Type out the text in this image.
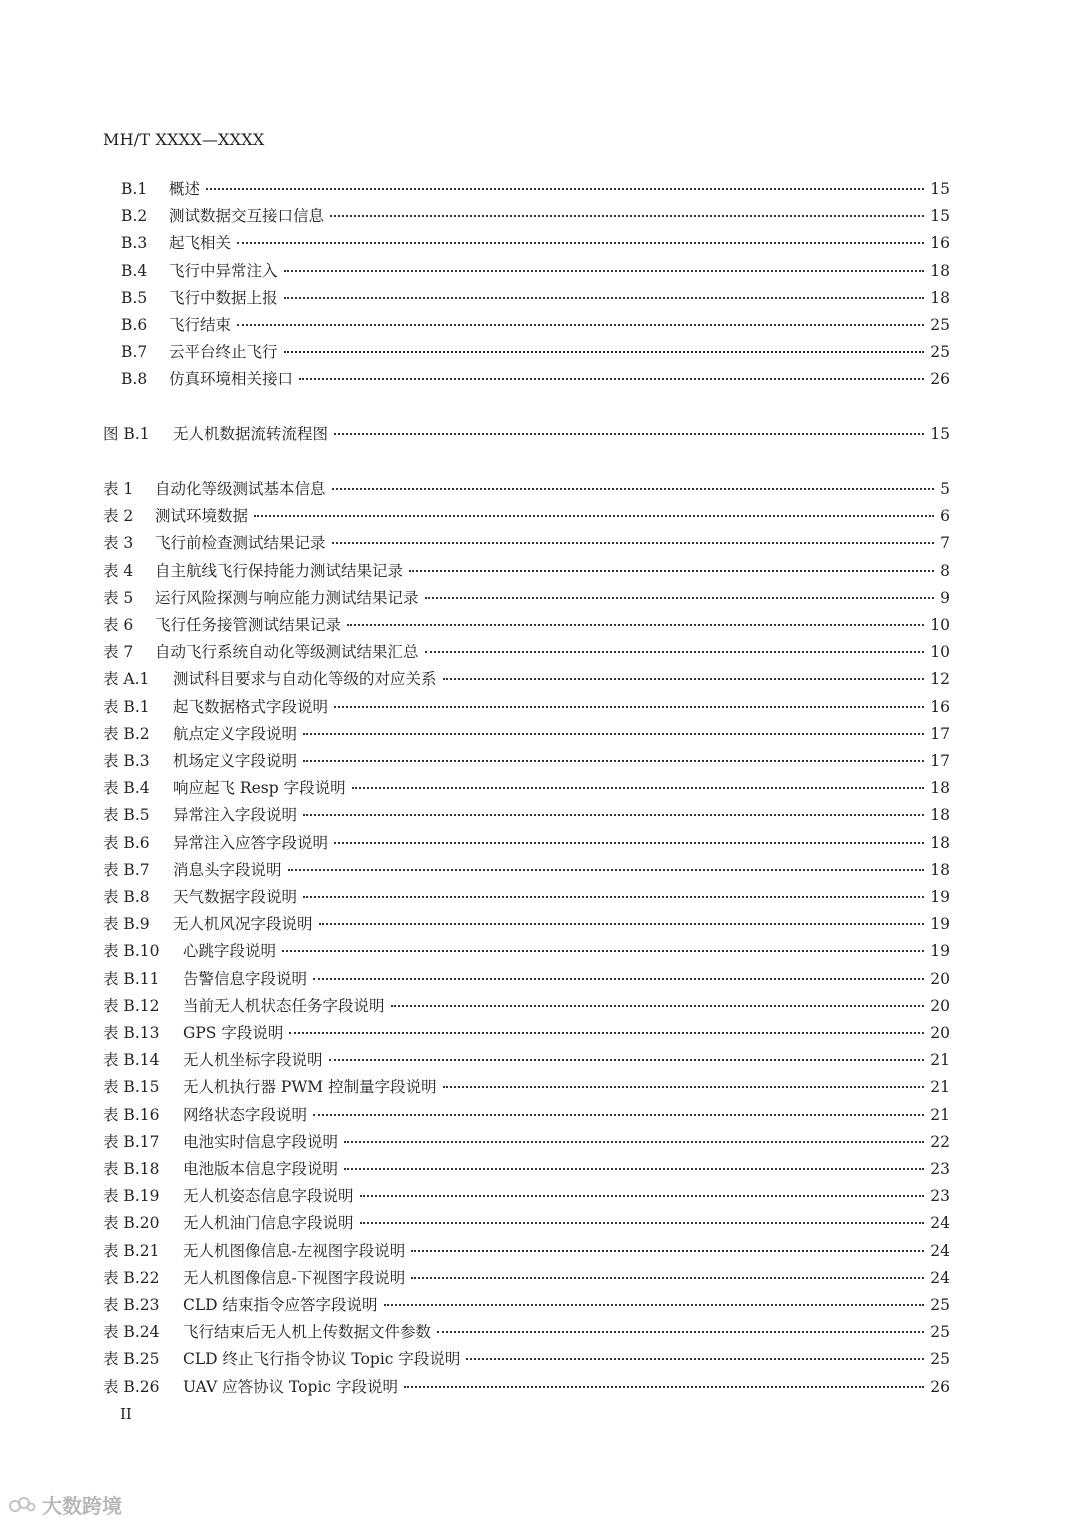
MH/T XXXX—XXXX
B.1	概述	15
B.2	测试数据交互接口信息	15
B.3	起飞相关	16
B.4	飞行中异常注入	18
B.5	飞行中数据上报	18
B.6	飞行结束	25
B.7	云平台终止飞行	25
B.8	仿真环境相关接口	26
图 B.1	无人机数据流转流程图	15
表 1	自动化等级测试基本信息	5
表 2	测试环境数据	6
表 3	飞行前检查测试结果记录	7
表 4	自主航线飞行保持能力测试结果记录	8
表 5	运行风险探测与响应能力测试结果记录	9
表 6	飞行任务接管测试结果记录	10
表 7	自动飞行系统自动化等级测试结果汇总	10
表 A.1	测试科目要求与自动化等级的对应关系	12
表 B.1	起飞数据格式字段说明	16
表 B.2	航点定义字段说明	17
表 B.3	机场定义字段说明	17
表 B.4	响应起飞 Resp 字段说明	18
表 B.5	异常注入字段说明	18
表 B.6	异常注入应答字段说明	18
表 B.7	消息头字段说明	18
表 B.8	天气数据字段说明	19
表 B.9	无人机风况字段说明	19
表 B.10	心跳字段说明	19
表 B.11	告警信息字段说明	20
表 B.12	当前无人机状态任务字段说明	20
表 B.13	GPS 字段说明	20
表 B.14	无人机坐标字段说明	21
表 B.15	无人机执行器 PWM 控制量字段说明	21
表 B.16	网络状态字段说明	21
表 B.17	电池实时信息字段说明	22
表 B.18	电池版本信息字段说明	23
表 B.19	无人机姿态信息字段说明	23
表 B.20	无人机油门信息字段说明	24
表 B.21	无人机图像信息-左视图字段说明	24
表 B.22	无人机图像信息-下视图字段说明	24
表 B.23	CLD 结束指令应答字段说明	25
表 B.24	飞行结束后无人机上传数据文件参数	25
表 B.25	CLD 终止飞行指令协议 Topic 字段说明	25
表 B.26	UAV 应答协议 Topic 字段说明	26
II
大数跨境
